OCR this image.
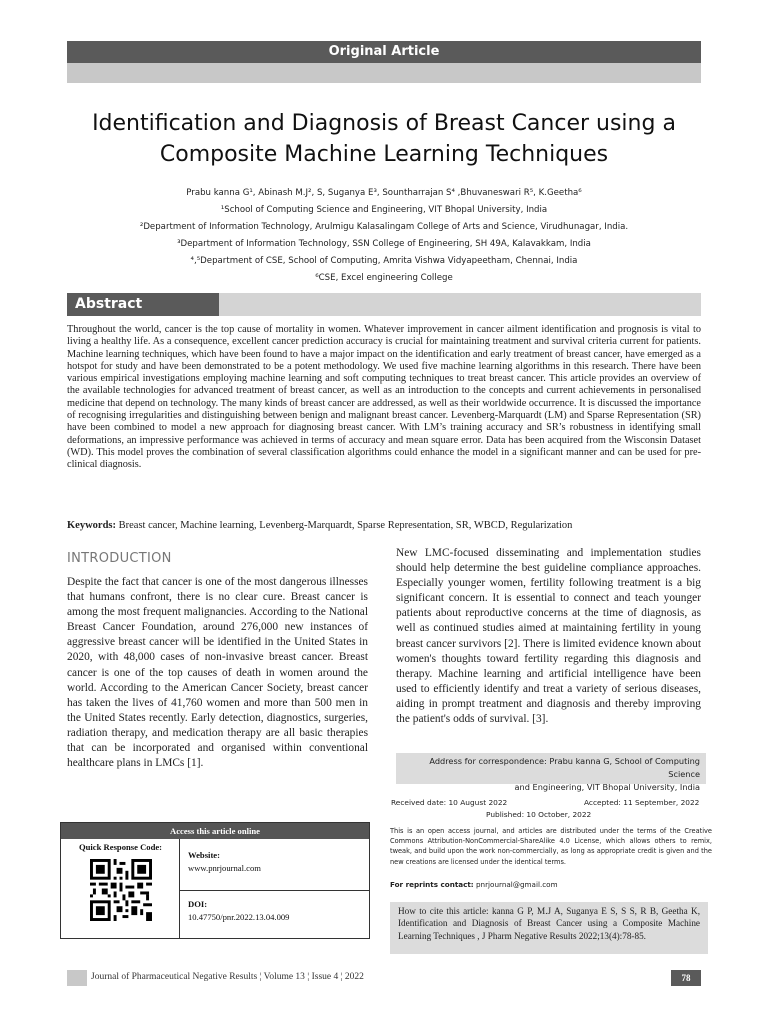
Original Article
Identification and Diagnosis of Breast Cancer using a Composite Machine Learning Techniques
Prabu kanna G¹, Abinash M.J², S, Suganya E³, Sountharrajan S⁴ ,Bhuvaneswari R⁵, K.Geetha⁶
¹School of Computing Science and Engineering, VIT Bhopal University, India
²Department of Information Technology, Arulmigu Kalasalingam College of Arts and Science, Virudhunagar, India.
³Department of Information Technology, SSN College of Engineering, SH 49A, Kalavakkam, India
⁴,⁵Department of CSE, School of Computing, Amrita Vishwa Vidyapeetham, Chennai, India
⁶CSE, Excel engineering College
Abstract
Throughout the world, cancer is the top cause of mortality in women. Whatever improvement in cancer ailment identification and prognosis is vital to living a healthy life. As a consequence, excellent cancer prediction accuracy is crucial for maintaining treatment and survival criteria current for patients. Machine learning techniques, which have been found to have a major impact on the identification and early treatment of breast cancer, have emerged as a hotspot for study and have been demonstrated to be a potent methodology. We used five machine learning algorithms in this research. There have been various empirical investigations employing machine learning and soft computing techniques to treat breast cancer. This article provides an overview of the available technologies for advanced treatment of breast cancer, as well as an introduction to the concepts and current achievements in personalised medicine that depend on technology. The many kinds of breast cancer are addressed, as well as their worldwide occurrence. It is discussed the importance of recognising irregularities and distinguishing between benign and malignant breast cancer. Levenberg-Marquardt (LM) and Sparse Representation (SR) have been combined to model a new approach for diagnosing breast cancer. With LM’s training accuracy and SR’s robustness in identifying small deformations, an impressive performance was achieved in terms of accuracy and mean square error. Data has been acquired from the Wisconsin Dataset (WD). This model proves the combination of several classification algorithms could enhance the model in a significant manner and can be used for pre-clinical diagnosis.
Keywords: Breast cancer, Machine learning, Levenberg-Marquardt, Sparse Representation, SR, WBCD, Regularization
INTRODUCTION
Despite the fact that cancer is one of the most dangerous illnesses that humans confront, there is no clear cure. Breast cancer is among the most frequent malignancies. According to the National Breast Cancer Foundation, around 276,000 new instances of aggressive breast cancer will be identified in the United States in 2020, with 48,000 cases of non-invasive breast cancer. Breast cancer is one of the top causes of death in women around the world. According to the American Cancer Society, breast cancer has taken the lives of 41,760 women and more than 500 men in the United States recently. Early detection, diagnostics, surgeries, radiation therapy, and medication therapy are all basic therapies that can be incorporated and organised within conventional healthcare plans in LMCs [1].
New LMC-focused disseminating and implementation studies should help determine the best guideline compliance approaches. Especially younger women, fertility following treatment is a big significant concern. It is essential to connect and teach younger patients about reproductive concerns at the time of diagnosis, as well as continued studies aimed at maintaining fertility in young breast cancer survivors [2]. There is limited evidence known about women's thoughts toward fertility regarding this diagnosis and therapy. Machine learning and artificial intelligence have been used to efficiently identify and treat a variety of serious diseases, aiding in prompt treatment and diagnosis and thereby improving the patient's odds of survival. [3].
Address for correspondence: Prabu kanna G, School of Computing Science
and Engineering, VIT Bhopal University, India
Received date: 10 August 2022	Accepted: 11 September, 2022
Published: 10 October, 2022
This is an open access journal, and articles are distributed under the terms of the Creative Commons Attribution-NonCommercial-ShareAlike 4.0 License, which allows others to remix, tweak, and build upon the work non-commercially, as long as appropriate credit is given and the new creations are licensed under the identical terms.
For reprints contact: pnrjournal@gmail.com
How to cite this article: kanna G P, M.J A, Suganya E S, S S, R B, Geetha K, Identification and Diagnosis of Breast Cancer using a Composite Machine Learning Techniques , J Pharm Negative Results 2022;13(4):78-85.
Access this article online
Quick Response Code:
Website:
www.pnrjournal.com
DOI:
10.47750/pnr.2022.13.04.009
Journal of Pharmaceutical Negative Results ¦ Volume 13 ¦ Issue 4 ¦ 2022	78
